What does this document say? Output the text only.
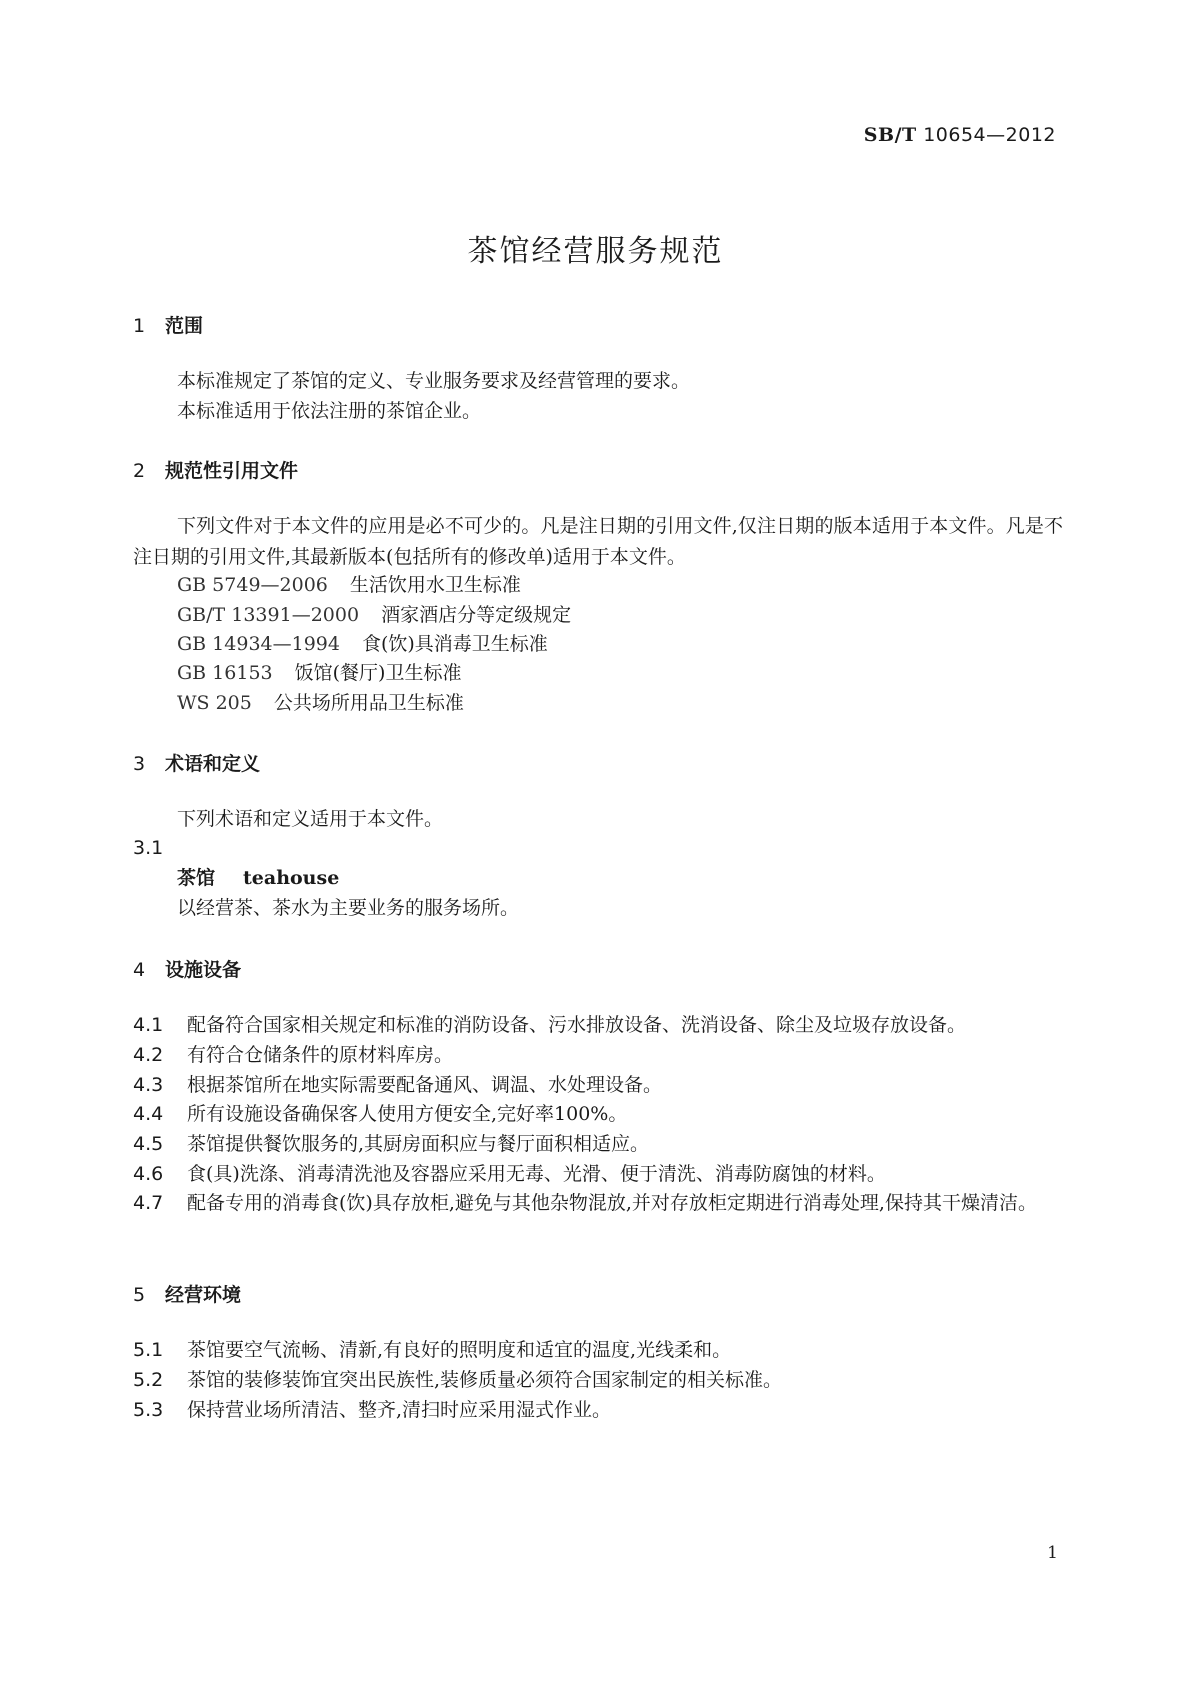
SB/T 10654—2012
茶馆经营服务规范
1 范围
本标准规定了茶馆的定义、专业服务要求及经营管理的要求。
本标准适用于依法注册的茶馆企业。
2 规范性引用文件
下列文件对于本文件的应用是必不可少的。凡是注日期的引用文件,仅注日期的版本适用于本文件。凡是不注日期的引用文件,其最新版本(包括所有的修改单)适用于本文件。
GB 5749—2006 生活饮用水卫生标准
GB/T 13391—2000 酒家酒店分等定级规定
GB 14934—1994 食(饮)具消毒卫生标准
GB 16153 饭馆(餐厅)卫生标准
WS 205 公共场所用品卫生标准
3 术语和定义
下列术语和定义适用于本文件。
3.1
茶馆 teahouse
以经营茶、茶水为主要业务的服务场所。
4 设施设备
4.1 配备符合国家相关规定和标准的消防设备、污水排放设备、洗消设备、除尘及垃圾存放设备。
4.2 有符合仓储条件的原材料库房。
4.3 根据茶馆所在地实际需要配备通风、调温、水处理设备。
4.4 所有设施设备确保客人使用方便安全,完好率100%。
4.5 茶馆提供餐饮服务的,其厨房面积应与餐厅面积相适应。
4.6 食(具)洗涤、消毒清洗池及容器应采用无毒、光滑、便于清洗、消毒防腐蚀的材料。
4.7 配备专用的消毒食(饮)具存放柜,避免与其他杂物混放,并对存放柜定期进行消毒处理,保持其干燥清洁。
5 经营环境
5.1 茶馆要空气流畅、清新,有良好的照明度和适宜的温度,光线柔和。
5.2 茶馆的装修装饰宜突出民族性,装修质量必须符合国家制定的相关标准。
5.3 保持营业场所清洁、整齐,清扫时应采用湿式作业。
1
